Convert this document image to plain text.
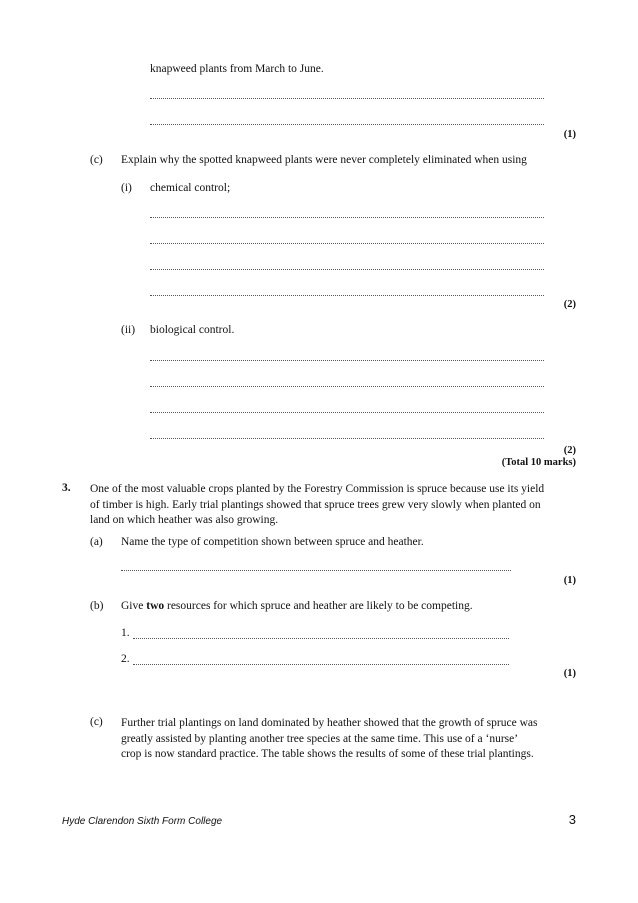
knapweed plants from March to June.
(1)
(c) Explain why the spotted knapweed plants were never completely eliminated when using
(i) chemical control;
(2)
(ii) biological control.
(2)
(Total 10 marks)
3. One of the most valuable crops planted by the Forestry Commission is spruce because use its yield of timber is high. Early trial plantings showed that spruce trees grew very slowly when planted on land on which heather was also growing.
(a) Name the type of competition shown between spruce and heather.
(1)
(b) Give two resources for which spruce and heather are likely to be competing.
1.
2.
(1)
(c) Further trial plantings on land dominated by heather showed that the growth of spruce was greatly assisted by planting another tree species at the same time. This use of a ‘nurse’ crop is now standard practice. The table shows the results of some of these trial plantings.
Hyde Clarendon Sixth Form College	3
